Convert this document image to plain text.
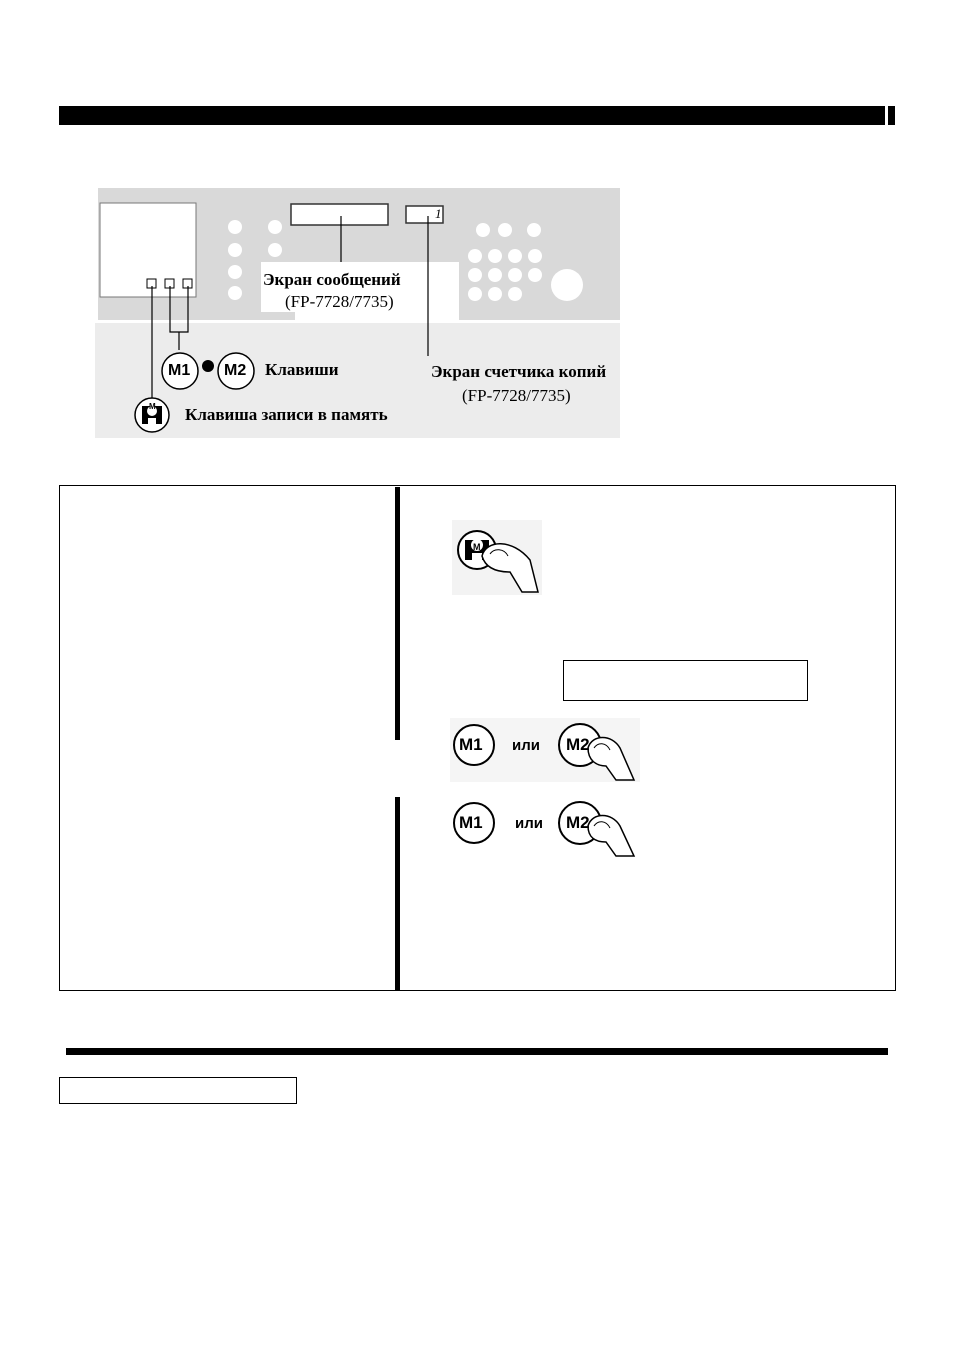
Экран сообщений
(FP-7728/7735)
1
Экран счетчика копий
(FP-7728/7735)
M1 M2 Клавиши
M Клавиша записи в память
M
M1 или M2
M1 или M2
